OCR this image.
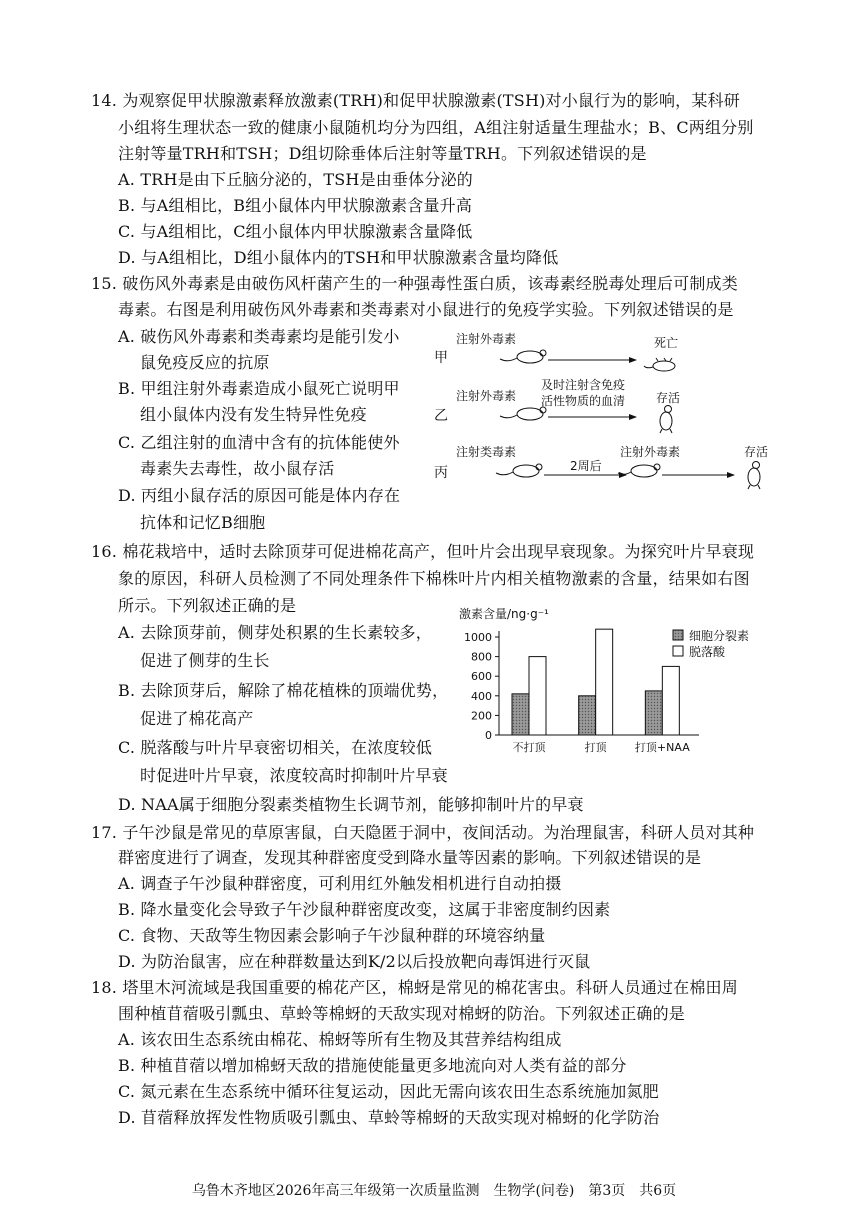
14. 为观察促甲状腺激素释放激素(TRH)和促甲状腺激素(TSH)对小鼠行为的影响，某科研
小组将生理状态一致的健康小鼠随机均分为四组，A组注射适量生理盐水；B、C两组分别
注射等量TRH和TSH；D组切除垂体后注射等量TRH。下列叙述错误的是
A. TRH是由下丘脑分泌的，TSH是由垂体分泌的
B. 与A组相比，B组小鼠体内甲状腺激素含量升高
C. 与A组相比，C组小鼠体内甲状腺激素含量降低
D. 与A组相比，D组小鼠体内的TSH和甲状腺激素含量均降低
15. 破伤风外毒素是由破伤风杆菌产生的一种强毒性蛋白质，该毒素经脱毒处理后可制成类
毒素。右图是利用破伤风外毒素和类毒素对小鼠进行的免疫学实验。下列叙述错误的是
A. 破伤风外毒素和类毒素均是能引发小
鼠免疫反应的抗原
B. 甲组注射外毒素造成小鼠死亡说明甲
组小鼠体内没有发生特异性免疫
C. 乙组注射的血清中含有的抗体能使外
毒素失去毒性，故小鼠存活
D. 丙组小鼠存活的原因可能是体内存在
抗体和记忆B细胞
甲
乙
丙
注射外毒素	死亡
注射外毒素
及时注射含免疫
活性物质的血清	存活
注射类毒素
2周后
注射外毒素	存活
16. 棉花栽培中，适时去除顶芽可促进棉花高产，但叶片会出现早衰现象。为探究叶片早衰现
象的原因，科研人员检测了不同处理条件下棉株叶片内相关植物激素的含量，结果如右图
所示。下列叙述正确的是
A. 去除顶芽前，侧芽处积累的生长素较多，
促进了侧芽的生长
B. 去除顶芽后，解除了棉花植株的顶端优势，
促进了棉花高产
C. 脱落酸与叶片早衰密切相关，在浓度较低
时促进叶片早衰，浓度较高时抑制叶片早衰
D. NAA属于细胞分裂素类植物生长调节剂，能够抑制叶片的早衰
激素含量/ng·g⁻¹
0
200
400
600
800
1000
不打顶	打顶	打顶+NAA
细胞分裂素
脱落酸
17. 子午沙鼠是常见的草原害鼠，白天隐匿于洞中，夜间活动。为治理鼠害，科研人员对其种
群密度进行了调查，发现其种群密度受到降水量等因素的影响。下列叙述错误的是
A. 调查子午沙鼠种群密度，可利用红外触发相机进行自动拍摄
B. 降水量变化会导致子午沙鼠种群密度改变，这属于非密度制约因素
C. 食物、天敌等生物因素会影响子午沙鼠种群的环境容纳量
D. 为防治鼠害，应在种群数量达到K/2以后投放靶向毒饵进行灭鼠
18. 塔里木河流域是我国重要的棉花产区，棉蚜是常见的棉花害虫。科研人员通过在棉田周
围种植苜蓿吸引瓢虫、草蛉等棉蚜的天敌实现对棉蚜的防治。下列叙述正确的是
A. 该农田生态系统由棉花、棉蚜等所有生物及其营养结构组成
B. 种植苜蓿以增加棉蚜天敌的措施使能量更多地流向对人类有益的部分
C. 氮元素在生态系统中循环往复运动，因此无需向该农田生态系统施加氮肥
D. 苜蓿释放挥发性物质吸引瓢虫、草蛉等棉蚜的天敌实现对棉蚜的化学防治
乌鲁木齐地区2026年高三年级第一次质量监测　生物学(问卷)　第3页　共6页
